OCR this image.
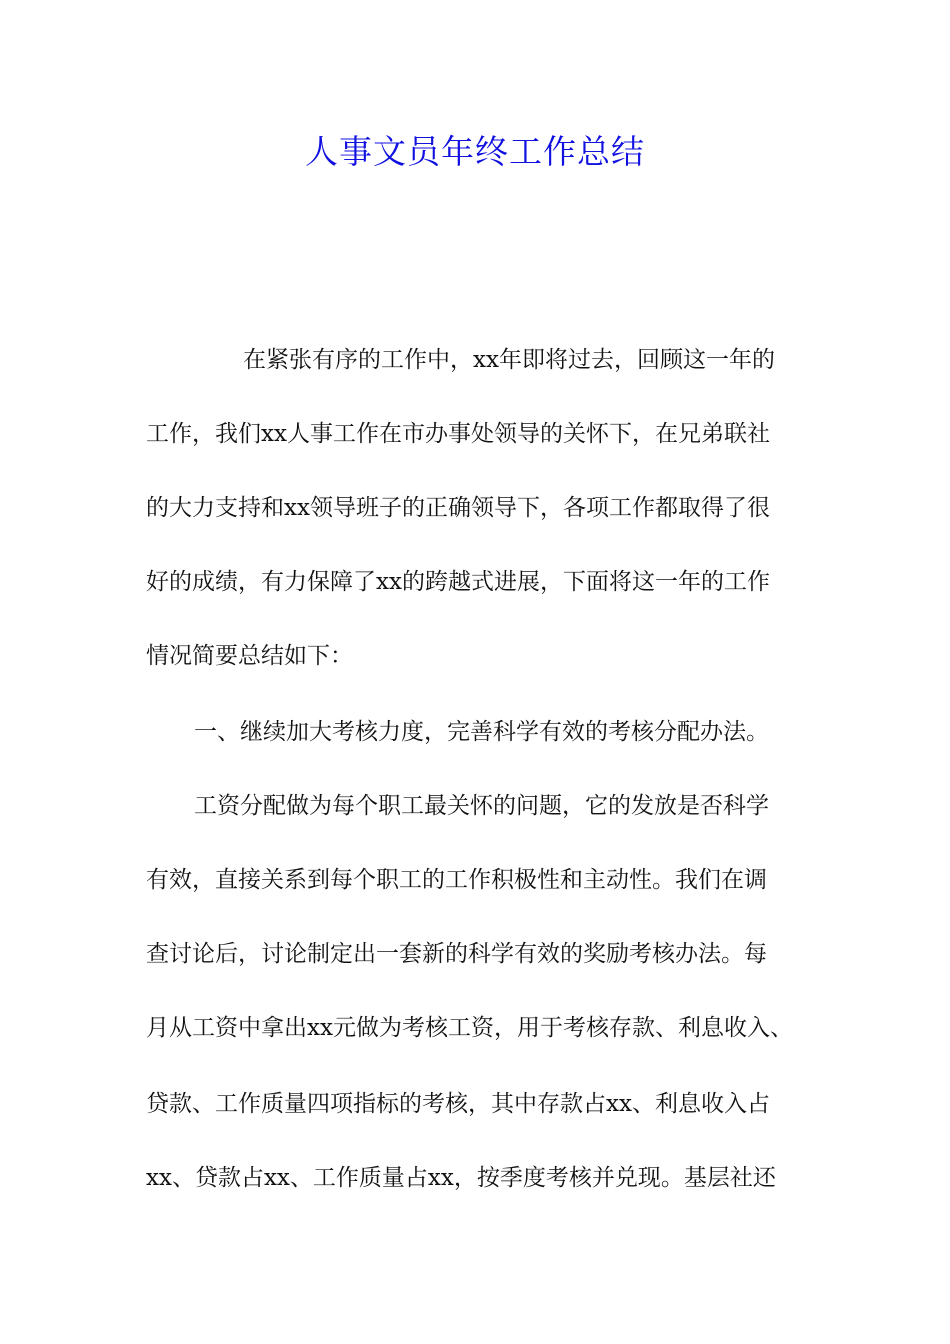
人事文员年终工作总结

在紧张有序的工作中，xx年即将过去，回顾这一年的

工作，我们xx人事工作在市办事处领导的关怀下，在兄弟联社

的大力支持和xx领导班子的正确领导下，各项工作都取得了很

好的成绩，有力保障了xx的跨越式进展，下面将这一年的工作

情况简要总结如下：

一、继续加大考核力度，完善科学有效的考核分配办法。

工资分配做为每个职工最关怀的问题，它的发放是否科学

有效，直接关系到每个职工的工作积极性和主动性。我们在调

查讨论后，讨论制定出一套新的科学有效的奖励考核办法。每

月从工资中拿出xx元做为考核工资，用于考核存款、利息收入、

贷款、工作质量四项指标的考核，其中存款占xx、利息收入占

xx、贷款占xx、工作质量占xx，按季度考核并兑现。基层社还
